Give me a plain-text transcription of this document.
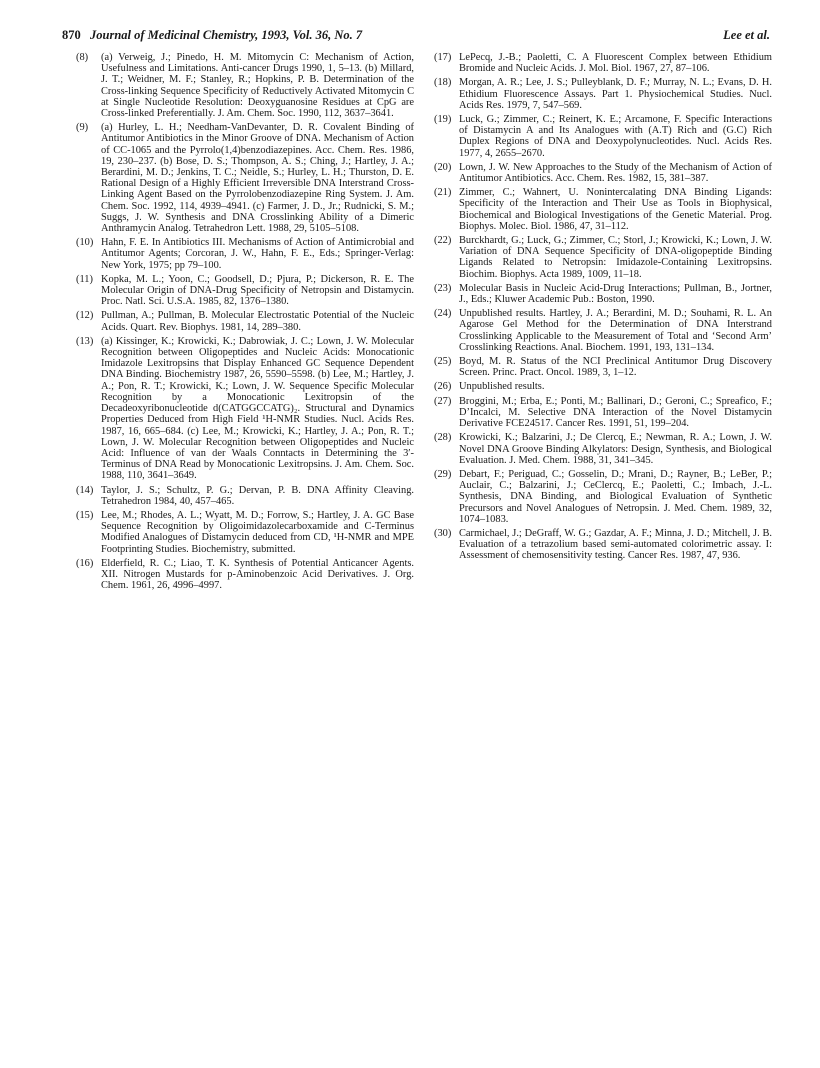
870 Journal of Medicinal Chemistry, 1993, Vol. 36, No. 7	Lee et al.
(8) (a) Verweig, J.; Pinedo, H. M. Mitomycin C: Mechanism of Action, Usefulness and Limitations. Anti-cancer Drugs 1990, 1, 5–13. (b) Millard, J. T.; Weidner, M. F.; Stanley, R.; Hopkins, P. B. Determination of the Cross-linking Sequence Specificity of Reductively Activated Mitomycin C at Single Nucleotide Resolution: Deoxyguanosine Residues at CpG are Cross-linked Preferentially. J. Am. Chem. Soc. 1990, 112, 3637–3641.
(9) (a) Hurley, L. H.; Needham-VanDevanter, D. R. Covalent Binding of Antitumor Antibiotics in the Minor Groove of DNA. Mechanism of Action of CC-1065 and the Pyrrolo(1,4)benzodiazepines. Acc. Chem. Res. 1986, 19, 230–237. (b) Bose, D. S.; Thompson, A. S.; Ching, J.; Hartley, J. A.; Berardini, M. D.; Jenkins, T. C.; Neidle, S.; Hurley, L. H.; Thurston, D. E. Rational Design of a Highly Efficient Irreversible DNA Interstrand Cross-Linking Agent Based on the Pyrrolobenzodiazepine Ring System. J. Am. Chem. Soc. 1992, 114, 4939–4941. (c) Farmer, J. D., Jr.; Rudnicki, S. M.; Suggs, J. W. Synthesis and DNA Crosslinking Ability of a Dimeric Anthramycin Analog. Tetrahedron Lett. 1988, 29, 5105–5108.
(10) Hahn, F. E. In Antibiotics III. Mechanisms of Action of Antimicrobial and Antitumor Agents; Corcoran, J. W., Hahn, F. E., Eds.; Springer-Verlag: New York, 1975; pp 79–100.
(11) Kopka, M. L.; Yoon, C.; Goodsell, D.; Pjura, P.; Dickerson, R. E. The Molecular Origin of DNA-Drug Specificity of Netropsin and Distamycin. Proc. Natl. Sci. U.S.A. 1985, 82, 1376–1380.
(12) Pullman, A.; Pullman, B. Molecular Electrostatic Potential of the Nucleic Acids. Quart. Rev. Biophys. 1981, 14, 289–380.
(13) (a) Kissinger, K.; Krowicki, K.; Dabrowiak, J. C.; Lown, J. W. Molecular Recognition between Oligopeptides and Nucleic Acids: Monocationic Imidazole Lexitropsins that Display Enhanced GC Sequence Dependent DNA Binding. Biochemistry 1987, 26, 5590–5598. (b) Lee, M.; Hartley, J. A.; Pon, R. T.; Krowicki, K.; Lown, J. W. Sequence Specific Molecular Recognition by a Monocationic Lexitropsin of the Decadeoxyribonucleotide d(CATGGCCATG)₂. Structural and Dynamics Properties Deduced from High Field ¹H-NMR Studies. Nucl. Acids Res. 1987, 16, 665–684. (c) Lee, M.; Krowicki, K.; Hartley, J. A.; Pon, R. T.; Lown, J. W. Molecular Recognition between Oligopeptides and Nucleic Acid: Influence of van der Waals Conntacts in Determining the 3′-Terminus of DNA Read by Monocationic Lexitropsins. J. Am. Chem. Soc. 1988, 110, 3641–3649.
(14) Taylor, J. S.; Schultz, P. G.; Dervan, P. B. DNA Affinity Cleaving. Tetrahedron 1984, 40, 457–465.
(15) Lee, M.; Rhodes, A. L.; Wyatt, M. D.; Forrow, S.; Hartley, J. A. GC Base Sequence Recognition by Oligoimidazolecarboxamide and C-Terminus Modified Analogues of Distamycin deduced from CD, ¹H-NMR and MPE Footprinting Studies. Biochemistry, submitted.
(16) Elderfield, R. C.; Liao, T. K. Synthesis of Potential Anticancer Agents. XII. Nitrogen Mustards for p-Aminobenzoic Acid Derivatives. J. Org. Chem. 1961, 26, 4996–4997.
(17) LePecq, J.-B.; Paoletti, C. A Fluorescent Complex between Ethidium Bromide and Nucleic Acids. J. Mol. Biol. 1967, 27, 87–106.
(18) Morgan, A. R.; Lee, J. S.; Pulleyblank, D. F.; Murray, N. L.; Evans, D. H. Ethidium Fluorescence Assays. Part 1. Physiochemical Studies. Nucl. Acids Res. 1979, 7, 547–569.
(19) Luck, G.; Zimmer, C.; Reinert, K. E.; Arcamone, F. Specific Interactions of Distamycin A and Its Analogues with (A.T) Rich and (G.C) Rich Duplex Regions of DNA and Deoxypolynucleotides. Nucl. Acids Res. 1977, 4, 2655–2670.
(20) Lown, J. W. New Approaches to the Study of the Mechanism of Action of Antitumor Antibiotics. Acc. Chem. Res. 1982, 15, 381–387.
(21) Zimmer, C.; Wahnert, U. Nonintercalating DNA Binding Ligands: Specificity of the Interaction and Their Use as Tools in Biophysical, Biochemical and Biological Investigations of the Genetic Material. Prog. Biophys. Molec. Biol. 1986, 47, 31–112.
(22) Burckhardt, G.; Luck, G.; Zimmer, C.; Storl, J.; Krowicki, K.; Lown, J. W. Variation of DNA Sequence Specificity of DNA-oligopeptide Binding Ligands Related to Netropsin: Imidazole-Containing Lexitropsins. Biochim. Biophys. Acta 1989, 1009, 11–18.
(23) Molecular Basis in Nucleic Acid-Drug Interactions; Pullman, B., Jortner, J., Eds.; Kluwer Academic Pub.: Boston, 1990.
(24) Unpublished results. Hartley, J. A.; Berardini, M. D.; Souhami, R. L. An Agarose Gel Method for the Determination of DNA Interstrand Crosslinking Applicable to the Measurement of Total and ‘Second Arm’ Crosslinking Reactions. Anal. Biochem. 1991, 193, 131–134.
(25) Boyd, M. R. Status of the NCI Preclinical Antitumor Drug Discovery Screen. Princ. Pract. Oncol. 1989, 3, 1–12.
(26) Unpublished results.
(27) Broggini, M.; Erba, E.; Ponti, M.; Ballinari, D.; Geroni, C.; Spreafico, F.; D’Incalci, M. Selective DNA Interaction of the Novel Distamycin Derivative FCE24517. Cancer Res. 1991, 51, 199–204.
(28) Krowicki, K.; Balzarini, J.; De Clercq, E.; Newman, R. A.; Lown, J. W. Novel DNA Groove Binding Alkylators: Design, Synthesis, and Biological Evaluation. J. Med. Chem. 1988, 31, 341–345.
(29) Debart, F.; Periguad, C.; Gosselin, D.; Mrani, D.; Rayner, B.; LeBer, P.; Auclair, C.; Balzarini, J.; CeClercq, E.; Paoletti, C.; Imbach, J.-L. Synthesis, DNA Binding, and Biological Evaluation of Synthetic Precursors and Novel Analogues of Netropsin. J. Med. Chem. 1989, 32, 1074–1083.
(30) Carmichael, J.; DeGraff, W. G.; Gazdar, A. F.; Minna, J. D.; Mitchell, J. B. Evaluation of a tetrazolium based semi-automated colorimetric assay. I: Assessment of chemosensitivity testing. Cancer Res. 1987, 47, 936.
